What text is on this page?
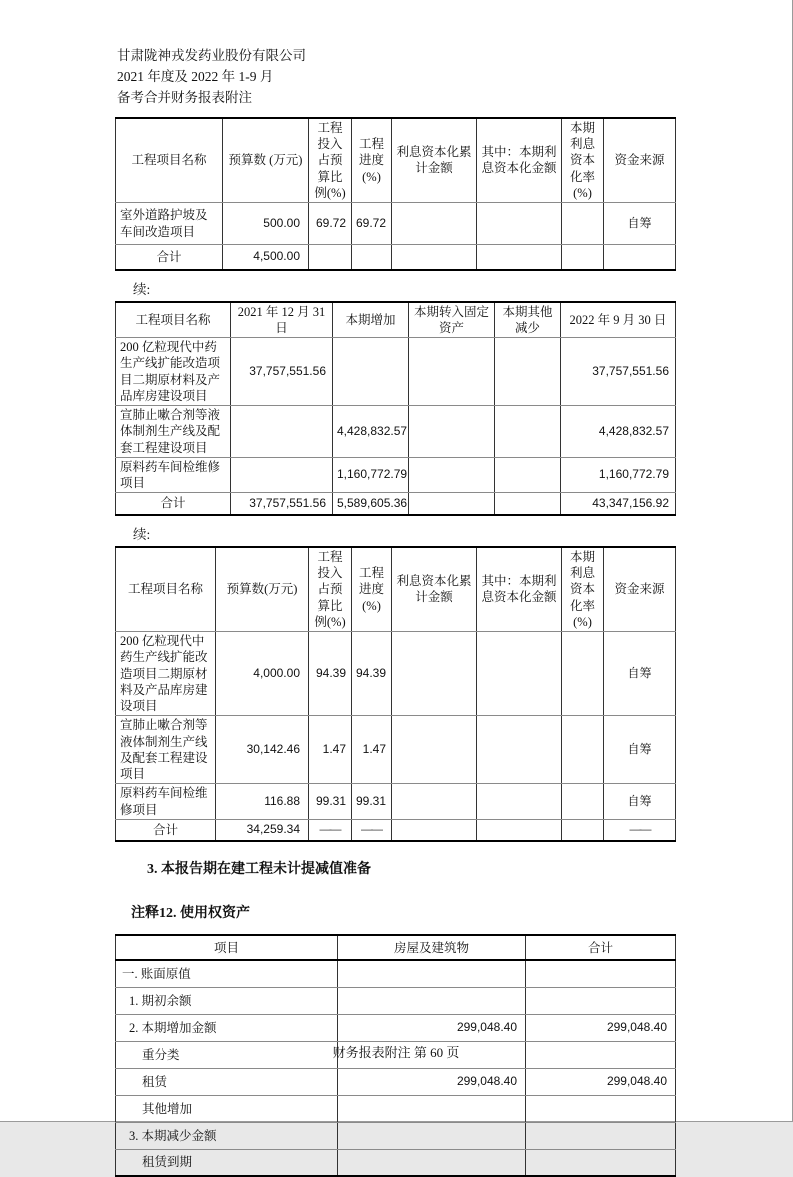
甘肃陇神戎发药业股份有限公司
2021 年度及 2022 年 1-9 月
备考合并财务报表附注
工程项目名称	预算数 (万元)	工程投入占预算比例(%)	工程进度(%)	利息资本化累计金额	其中：本期利息资本化金额	本期利息资本化率(%)	资金来源
室外道路护坡及车间改造项目	500.00	69.72	69.72				自筹
合计	4,500.00						
续:
工程项目名称	2021 年 12 月 31 日	本期增加	本期转入固定资产	本期其他减少	2022 年 9 月 30 日
200 亿粒现代中药生产线扩能改造项目二期原材料及产品库房建设项目	37,757,551.56				37,757,551.56
宣肺止嗽合剂等液体制剂生产线及配套工程建设项目		4,428,832.57			4,428,832.57
原料药车间检维修项目		1,160,772.79			1,160,772.79
合计	37,757,551.56	5,589,605.36			43,347,156.92
续:
工程项目名称	预算数(万元)	工程投入占预算比例(%)	工程进度(%)	利息资本化累计金额	其中：本期利息资本化金额	本期利息资本化率(%)	资金来源
200 亿粒现代中药生产线扩能改造项目二期原材料及产品库房建设项目	4,000.00	94.39	94.39				自筹
宣肺止嗽合剂等液体制剂生产线及配套工程建设项目	30,142.46	1.47	1.47				自筹
原料药车间检维修项目	116.88	99.31	99.31				自筹
合计	34,259.34	——	——				——
3. 本报告期在建工程未计提减值准备
注释12. 使用权资产
项目	房屋及建筑物	合计
一. 账面原值		
1. 期初余额		
2. 本期增加金额	299,048.40	299,048.40
重分类		
租赁	299,048.40	299,048.40
其他增加		
3. 本期减少金额		
租赁到期		
财务报表附注 第 60 页
